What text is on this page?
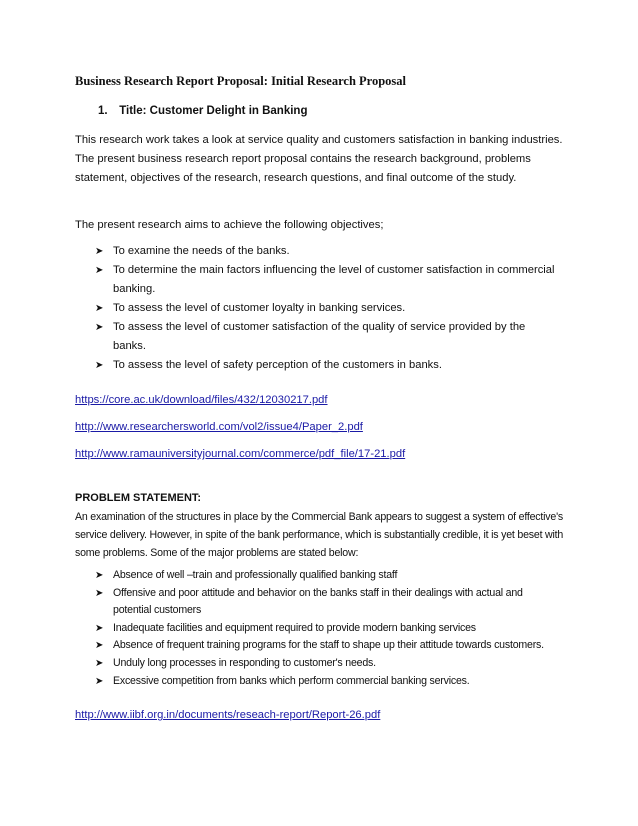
Business Research Report Proposal: Initial Research Proposal
1. Title: Customer Delight in Banking
This research work takes a look at service quality and customers satisfaction in banking industries. The present business research report proposal contains the research background, problems statement, objectives of the research, research questions, and final outcome of the study.
The present research aims to achieve the following objectives;
➤ To examine the needs of the banks.
➤ To determine the main factors influencing the level of customer satisfaction in commercial banking.
➤ To assess the level of customer loyalty in banking services.
➤ To assess the level of customer satisfaction of the quality of service provided by the banks.
➤ To assess the level of safety perception of the customers in banks.
https://core.ac.uk/download/files/432/12030217.pdf
http://www.researchersworld.com/vol2/issue4/Paper_2.pdf
http://www.ramauniversityjournal.com/commerce/pdf_file/17-21.pdf
PROBLEM STATEMENT:
An examination of the structures in place by the Commercial Bank appears to suggest a system of effective's service delivery. However, in spite of the bank performance, which is substantially credible, it is yet beset with some problems. Some of the major problems are stated below:
➤ Absence of well –train and professionally qualified banking staff
➤ Offensive and poor attitude and behavior on the banks staff in their dealings with actual and potential customers
➤ Inadequate facilities and equipment required to provide modern banking services
➤ Absence of frequent training programs for the staff to shape up their attitude towards customers.
➤ Unduly long processes in responding to customer's needs.
➤ Excessive competition from banks which perform commercial banking services.
http://www.iibf.org.in/documents/reseach-report/Report-26.pdf
